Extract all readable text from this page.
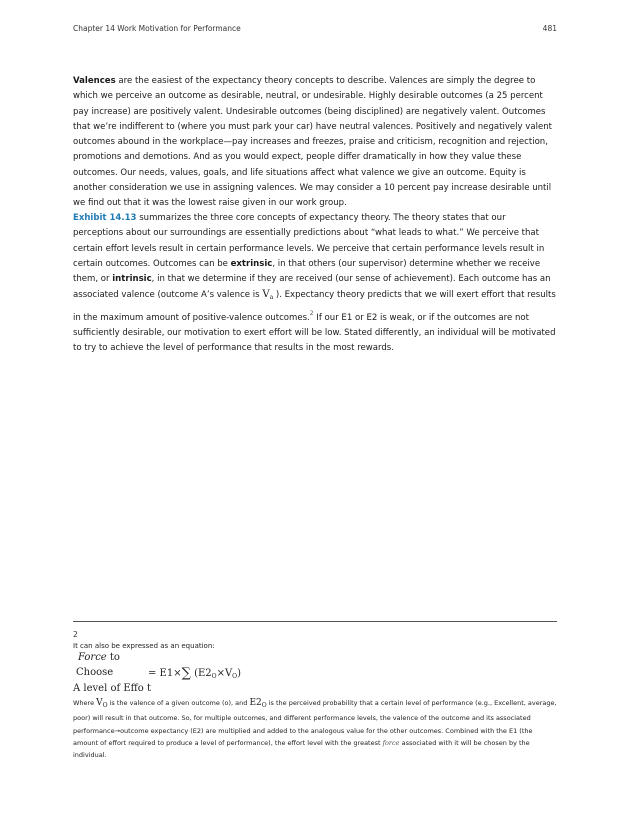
Chapter 14 Work Motivation for Performance	481
Valences are the easiest of the expectancy theory concepts to describe. Valences are simply the degree to which we perceive an outcome as desirable, neutral, or undesirable. Highly desirable outcomes (a 25 percent pay increase) are positively valent. Undesirable outcomes (being disciplined) are negatively valent. Outcomes that we’re indifferent to (where you must park your car) have neutral valences. Positively and negatively valent outcomes abound in the workplace—pay increases and freezes, praise and criticism, recognition and rejection, promotions and demotions. And as you would expect, people differ dramatically in how they value these outcomes. Our needs, values, goals, and life situations affect what valence we give an outcome. Equity is another consideration we use in assigning valences. We may consider a 10 percent pay increase desirable until we find out that it was the lowest raise given in our work group.
Exhibit 14.13 summarizes the three core concepts of expectancy theory. The theory states that our perceptions about our surroundings are essentially predictions about “what leads to what.” We perceive that certain effort levels result in certain performance levels. We perceive that certain performance levels result in certain outcomes. Outcomes can be extrinsic, in that others (our supervisor) determine whether we receive them, or intrinsic, in that we determine if they are received (our sense of achievement). Each outcome has an associated valence (outcome A’s valence is $V_a$ ). Expectancy theory predicts that we will exert effort that results in the maximum amount of positive-valence outcomes.$^2$ If our E1 or E2 is weak, or if the outcomes are not sufficiently desirable, our motivation to exert effort will be low. Stated differently, an individual will be motivated to try to achieve the level of performance that results in the most rewards.
2
It can also be expressed as an equation:
Force to
Choose
A level of Effo t
= E1×∑ $(E2_O\times V_O)$
Where $V_O$ is the valence of a given outcome (o), and $E2_O$ is the perceived probability that a certain level of performance (e.g., Excellent, average, poor) will result in that outcome. So, for multiple outcomes, and different performance levels, the valence of the outcome and its associated performance→outcome expectancy (E2) are multiplied and added to the analogous value for the other outcomes. Combined with the E1 (the amount of effort required to produce a level of performance), the effort level with the greatest force associated with it will be chosen by the individual.
